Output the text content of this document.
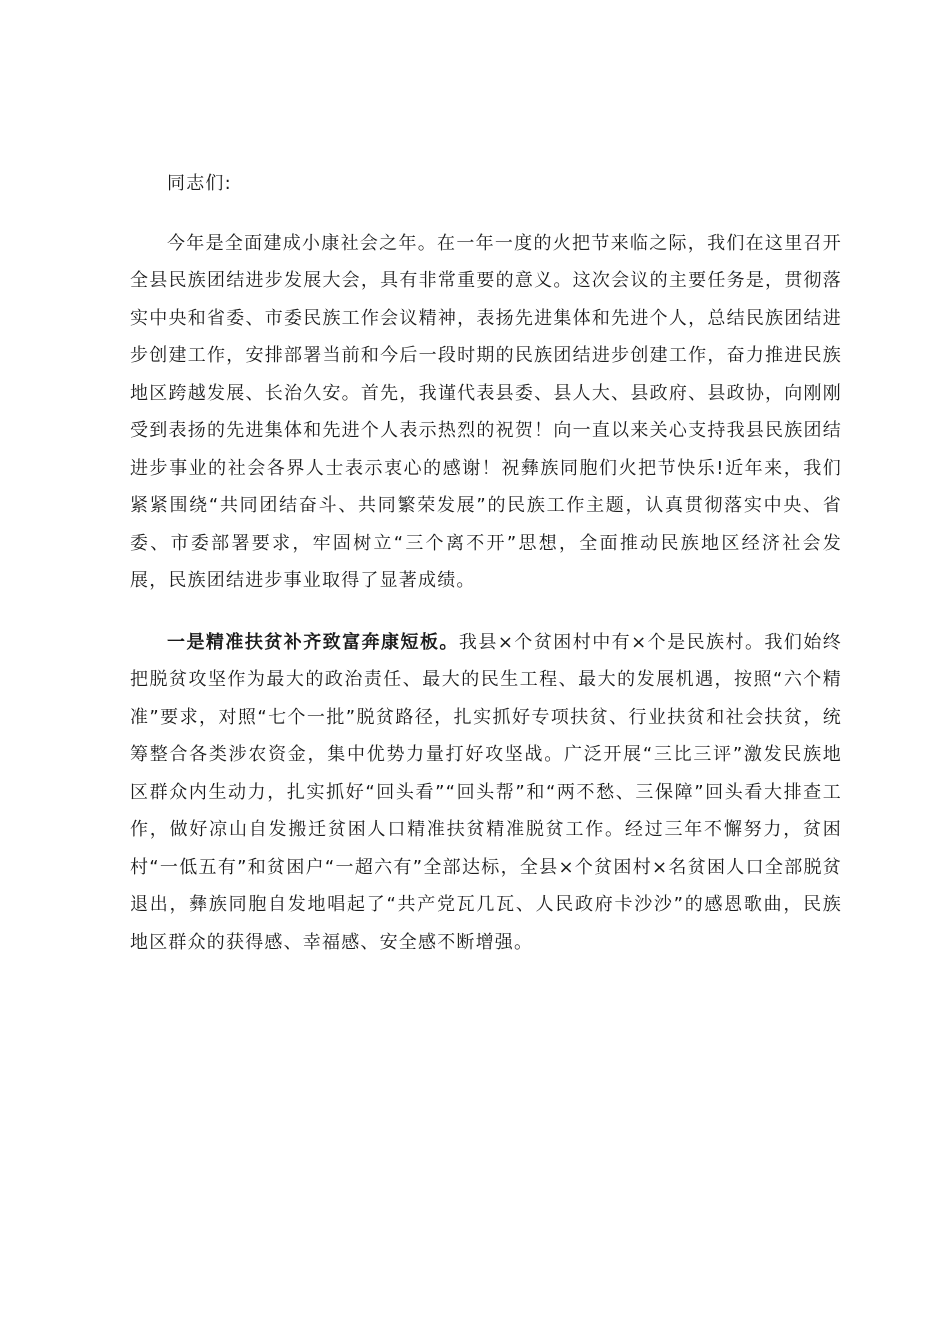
同志们:

今年是全面建成小康社会之年。在一年一度的火把节来临之际，我们在这里召开全县民族团结进步发展大会，具有非常重要的意义。这次会议的主要任务是，贯彻落实中央和省委、市委民族工作会议精神，表扬先进集体和先进个人，总结民族团结进步创建工作，安排部署当前和今后一段时期的民族团结进步创建工作，奋力推进民族地区跨越发展、长治久安。首先，我谨代表县委、县人大、县政府、县政协，向刚刚受到表扬的先进集体和先进个人表示热烈的祝贺！向一直以来关心支持我县民族团结进步事业的社会各界人士表示衷心的感谢！祝彝族同胞们火把节快乐!近年来，我们紧紧围绕“共同团结奋斗、共同繁荣发展”的民族工作主题，认真贯彻落实中央、省委、市委部署要求，牢固树立“三个离不开”思想，全面推动民族地区经济社会发展，民族团结进步事业取得了显著成绩。

一是精准扶贫补齐致富奔康短板。我县×个贫困村中有×个是民族村。我们始终把脱贫攻坚作为最大的政治责任、最大的民生工程、最大的发展机遇，按照“六个精准”要求，对照“七个一批”脱贫路径，扎实抓好专项扶贫、行业扶贫和社会扶贫，统筹整合各类涉农资金，集中优势力量打好攻坚战。广泛开展“三比三评”激发民族地区群众内生动力，扎实抓好“回头看”“回头帮”和“两不愁、三保障”回头看大排查工作，做好凉山自发搬迁贫困人口精准扶贫精准脱贫工作。经过三年不懈努力，贫困村“一低五有”和贫困户“一超六有”全部达标，全县×个贫困村×名贫困人口全部脱贫退出，彝族同胞自发地唱起了“共产党瓦几瓦、人民政府卡沙沙”的感恩歌曲，民族地区群众的获得感、幸福感、安全感不断增强。
